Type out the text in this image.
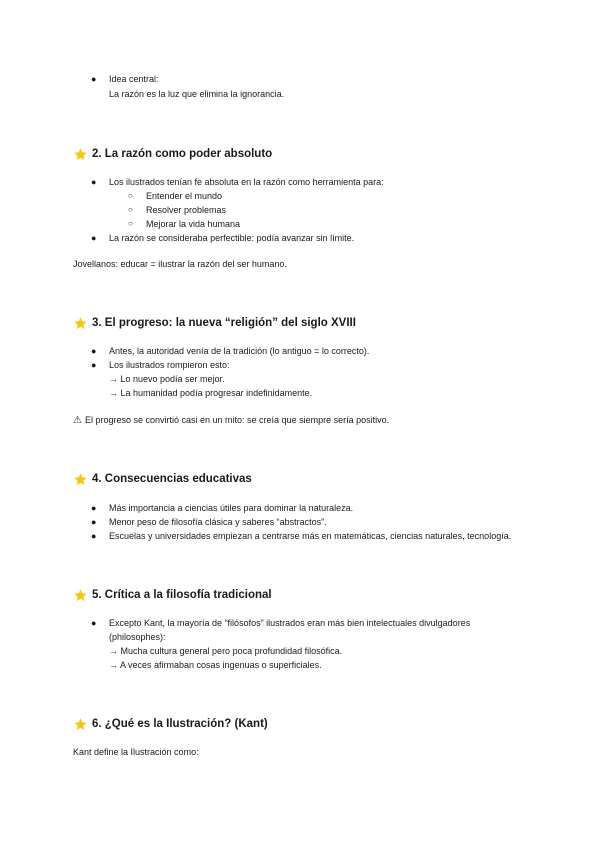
● Idea central:
La razón es la luz que elimina la ignorancia.
2. La razón como poder absoluto
● Los ilustrados tenían fe absoluta en la razón como herramienta para:
○ Entender el mundo
○ Resolver problemas
○ Mejorar la vida humana
● La razón se consideraba perfectible: podía avanzar sin límite.
Jovellanos: educar = ilustrar la razón del ser humano.
3. El progreso: la nueva “religión” del siglo XVIII
● Antes, la autoridad venía de la tradición (lo antiguo = lo correcto).
● Los ilustrados rompieron esto:
→ Lo nuevo podía ser mejor.
→ La humanidad podía progresar indefinidamente.
⚠ El progreso se convirtió casi en un mito: se creía que siempre sería positivo.
4. Consecuencias educativas
● Más importancia a ciencias útiles para dominar la naturaleza.
● Menor peso de filosofía clásica y saberes “abstractos”.
● Escuelas y universidades empiezan a centrarse más en matemáticas, ciencias naturales, tecnología.
5. Crítica a la filosofía tradicional
● Excepto Kant, la mayoría de “filósofos” ilustrados eran más bien intelectuales divulgadores
(philosophes):
→ Mucha cultura general pero poca profundidad filosófica.
→ A veces afirmaban cosas ingenuas o superficiales.
6. ¿Qué es la Ilustración? (Kant)
Kant define la Ilustración como:
